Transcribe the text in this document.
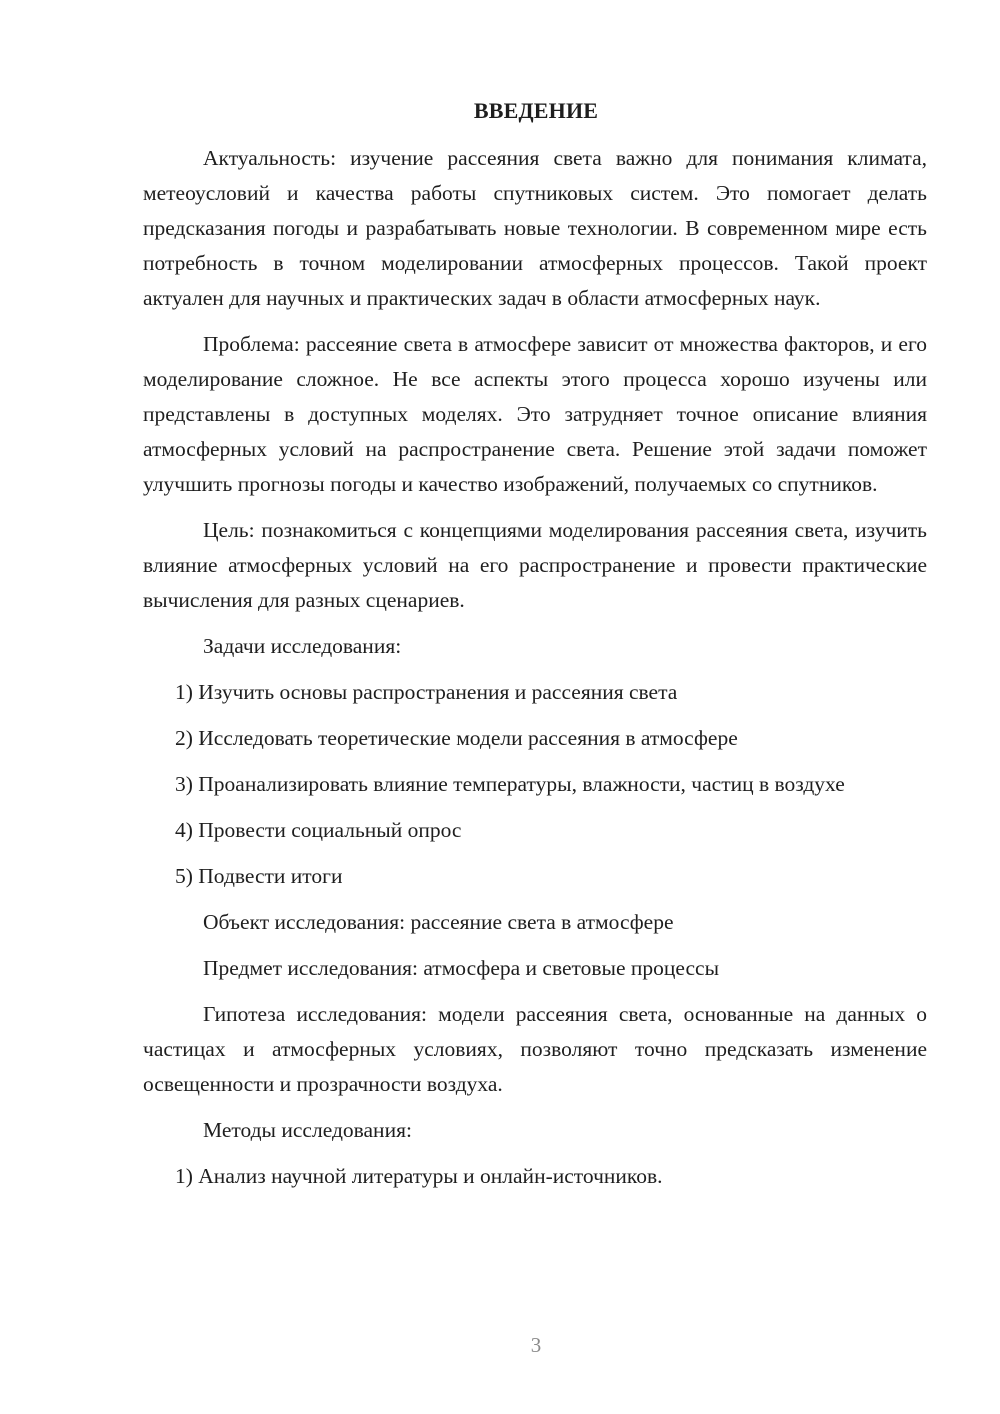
ВВЕДЕНИЕ

Актуальность: изучение рассеяния света важно для понимания климата, метеоусловий и качества работы спутниковых систем. Это помогает делать предсказания погоды и разрабатывать новые технологии. В современном мире есть потребность в точном моделировании атмосферных процессов. Такой проект актуален для научных и практических задач в области атмосферных наук.

Проблема: рассеяние света в атмосфере зависит от множества факторов, и его моделирование сложное. Не все аспекты этого процесса хорошо изучены или представлены в доступных моделях. Это затрудняет точное описание влияния атмосферных условий на распространение света. Решение этой задачи поможет улучшить прогнозы погоды и качество изображений, получаемых со спутников.

Цель: познакомиться с концепциями моделирования рассеяния света, изучить влияние атмосферных условий на его распространение и провести практические вычисления для разных сценариев.

Задачи исследования:

1) Изучить основы распространения и рассеяния света

2) Исследовать теоретические модели рассеяния в атмосфере

3) Проанализировать влияние температуры, влажности, частиц в воздухе

4) Провести социальный опрос

5) Подвести итоги

Объект исследования: рассеяние света в атмосфере

Предмет исследования: атмосфера и световые процессы

Гипотеза исследования: модели рассеяния света, основанные на данных о частицах и атмосферных условиях, позволяют точно предсказать изменение освещенности и прозрачности воздуха.

Методы исследования:

1) Анализ научной литературы и онлайн-источников.

3
